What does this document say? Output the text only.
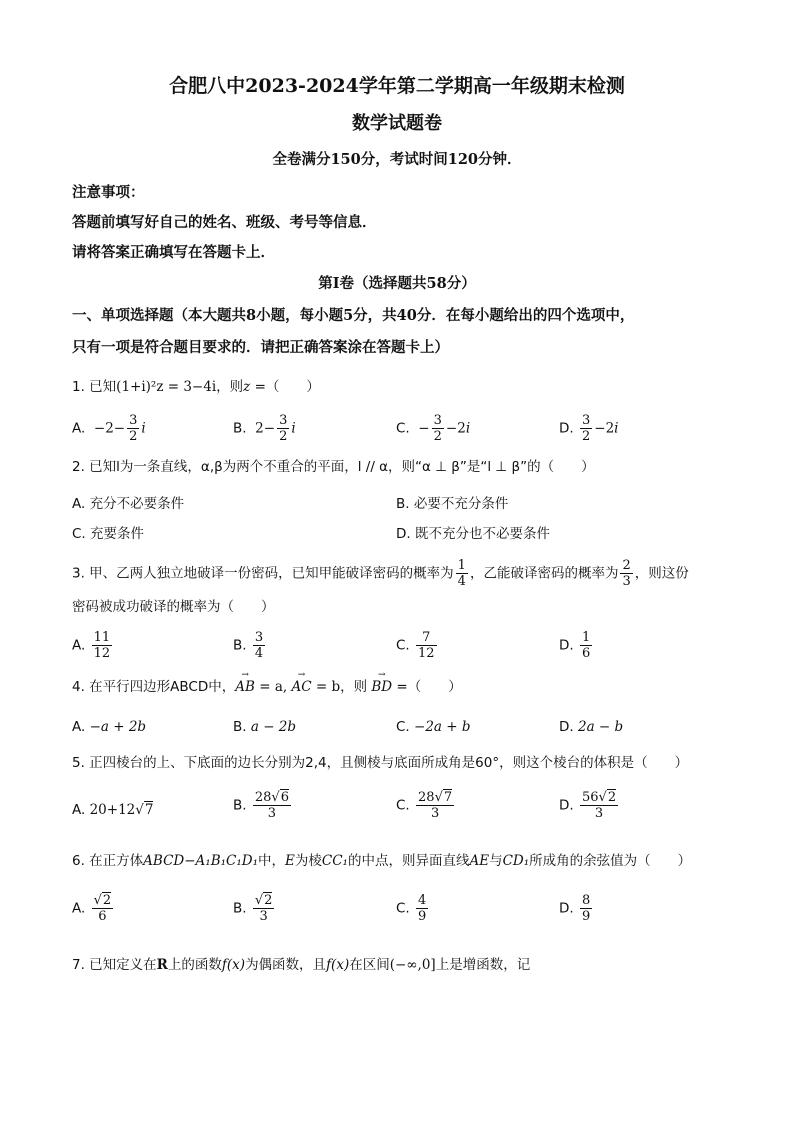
合肥八中2023-2024学年第二学期高一年级期末检测
数学试题卷
全卷满分150分，考试时间120分钟．
注意事项：
答题前填写好自己的姓名、班级、考号等信息．
请将答案正确填写在答题卡上．
第Ⅰ卷（选择题共58分）
一、单项选择题（本大题共8小题，每小题5分，共40分．在每小题给出的四个选项中，
只有一项是符合题目要求的．请把正确答案涂在答题卡上）
1. 已知(1+i)²z = 3−4i，则z =（　　）
A.  $-2- \frac{3}{2}$ i	B.  $2- \frac{3}{2}$ i	C.  − $\frac{3}{2} -2i$	D. $\frac{3}{2} -2i$
2. 已知l为一条直线，α,β为两个不重合的平面，l // α，则“α ⊥ β”是“l ⊥ β”的（　　）
A. 充分不必要条件	B. 必要不充分条件
C. 充要条件	D. 既不充分也不必要条件
3. 甲、乙两人独立地破译一份密码，已知甲能破译密码的概率为 $\frac{1}{4}$ ，乙能破译密码的概率为 $\frac{2}{3}$ ，则这份
密码被成功破译的概率为（　　）
A. $\frac{11}{12}$	B. $\frac{3}{4}$	C. $\frac{7}{12}$	D. $\frac{1}{6}$
4. 在平行四边形ABCD中，→ AB = a, → AC = b，则 → BD =（　　）
A. −a + 2b	B. a − 2b	C. −2a + b	D. 2a − b
5. 正四棱台的上、下底面的边长分别为2,4，且侧棱与底面所成角是60°，则这个棱台的体积是（　　）
A. 20+12√7	B. $\frac{28√6}{3}$	C. $\frac{28√7}{3}$	D. $\frac{56√2}{3}$
6. 在正方体ABCD−A₁B₁C₁D₁中，E为棱CC₁的中点，则异面直线AE与CD₁所成角的余弦值为（　　）
A. $\frac{√2}{6}$	B. $\frac{√2}{3}$	C. $\frac{4}{9}$	D. $\frac{8}{9}$
7. 已知定义在R上的函数f(x)为偶函数，且f(x)在区间(−∞,0]上是增函数，记
